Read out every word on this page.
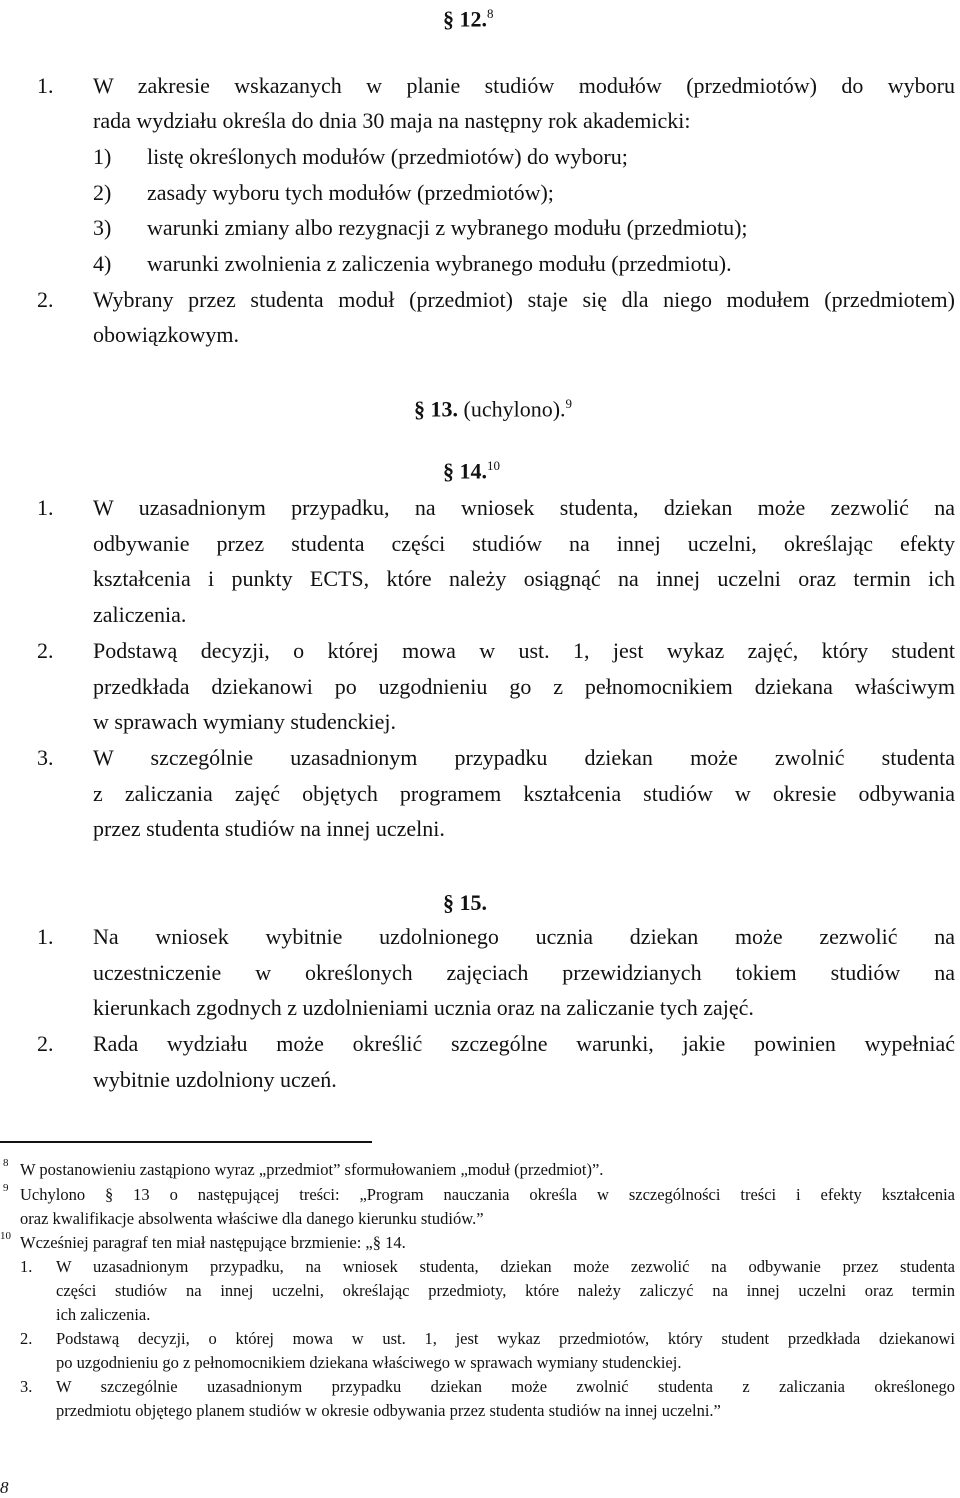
§ 12.$^8$
1. W zakresie wskazanych w planie studiów modułów (przedmiotów) do wyboru
rada wydziału określa do dnia 30 maja na następny rok akademicki:
1) listę określonych modułów (przedmiotów) do wyboru;
2) zasady wyboru tych modułów (przedmiotów);
3) warunki zmiany albo rezygnacji z wybranego modułu (przedmiotu);
4) warunki zwolnienia z zaliczenia wybranego modułu (przedmiotu).
2. Wybrany przez studenta moduł (przedmiot) staje się dla niego modułem (przedmiotem)
obowiązkowym.
§ 13. (uchylono).$^9$
§ 14.10
1. W uzasadnionym przypadku, na wniosek studenta, dziekan może zezwolić na
odbywanie przez studenta części studiów na innej uczelni, określając efekty
kształcenia i punkty ECTS, które należy osiągnąć na innej uczelni oraz termin ich
zaliczenia.
2. Podstawą decyzji, o której mowa w ust. 1, jest wykaz zajęć, który student
przedkłada dziekanowi po uzgodnieniu go z pełnomocnikiem dziekana właściwym
w sprawach wymiany studenckiej.
3. W szczególnie uzasadnionym przypadku dziekan może zwolnić studenta
z zaliczania zajęć objętych programem kształcenia studiów w okresie odbywania
przez studenta studiów na innej uczelni.
§ 15.
1. Na wniosek wybitnie uzdolnionego ucznia dziekan może zezwolić na
uczestniczenie w określonych zajęciach przewidzianych tokiem studiów na
kierunkach zgodnych z uzdolnieniami ucznia oraz na zaliczanie tych zajęć.
2. Rada wydziału może określić szczególne warunki, jakie powinien wypełniać
wybitnie uzdolniony uczeń.
8 W postanowieniu zastąpiono wyraz „przedmiot” sformułowaniem „moduł (przedmiot)”.
9 Uchylono § 13 o następującej treści: „Program nauczania określa w szczególności treści i efekty kształcenia
oraz kwalifikacje absolwenta właściwe dla danego kierunku studiów.”
10 Wcześniej paragraf ten miał następujące brzmienie: „§ 14.
1. W uzasadnionym przypadku, na wniosek studenta, dziekan może zezwolić na odbywanie przez studenta
części studiów na innej uczelni, określając przedmioty, które należy zaliczyć na innej uczelni oraz termin
ich zaliczenia.
2. Podstawą decyzji, o której mowa w ust. 1, jest wykaz przedmiotów, który student przedkłada dziekanowi
po uzgodnieniu go z pełnomocnikiem dziekana właściwego w sprawach wymiany studenckiej.
3. W szczególnie uzasadnionym przypadku dziekan może zwolnić studenta z zaliczania określonego
przedmiotu objętego planem studiów w okresie odbywania przez studenta studiów na innej uczelni.”
8
